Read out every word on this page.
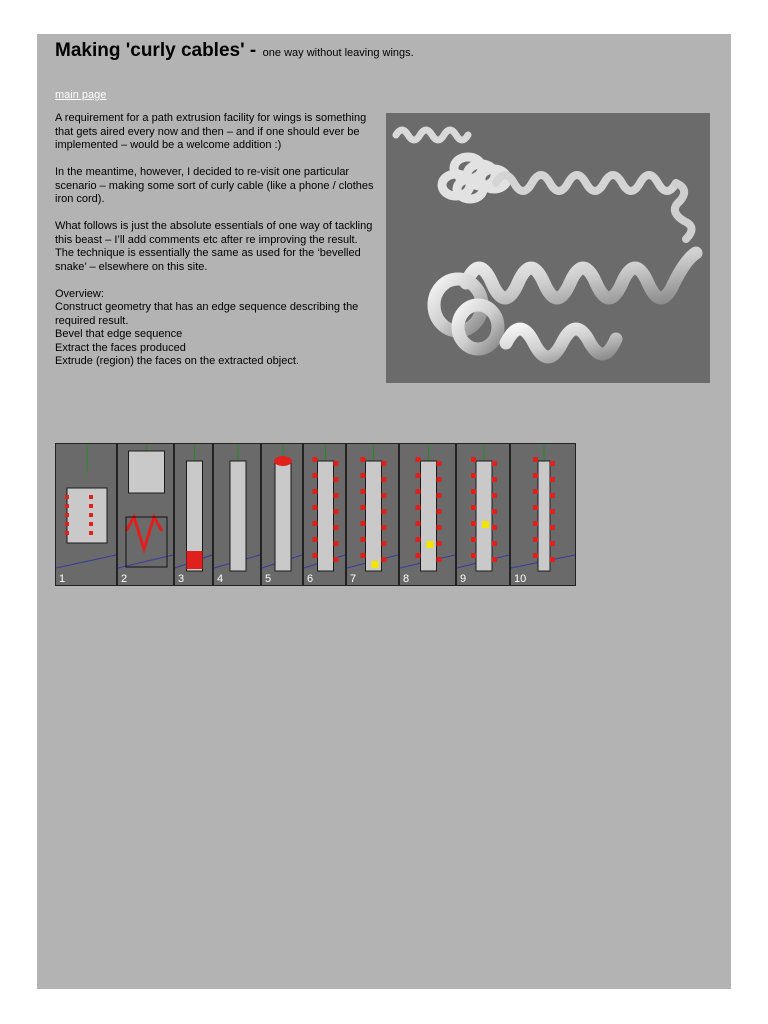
Making 'curly cables' - one way without leaving wings.
main page

A requirement for a path extrusion facility for wings is something that gets aired every now and then – and if one should ever be implemented – would be a welcome addition :)

In the meantime, however, I decided to re-visit one particular scenario – making some sort of curly cable (like a phone / clothes iron cord).

What follows is just the absolute essentials of one way of tackling this beast – I’ll add comments etc after re improving the result. The technique is essentially the same as used for the ‘bevelled snake’ – elsewhere on this site.

Overview:
Construct geometry that has an edge sequence describing the required result.
Bevel that edge sequence
Extract the faces produced
Extrude (region) the faces on the extracted object.
1	2	3	4	5	6	7	8	9	10
